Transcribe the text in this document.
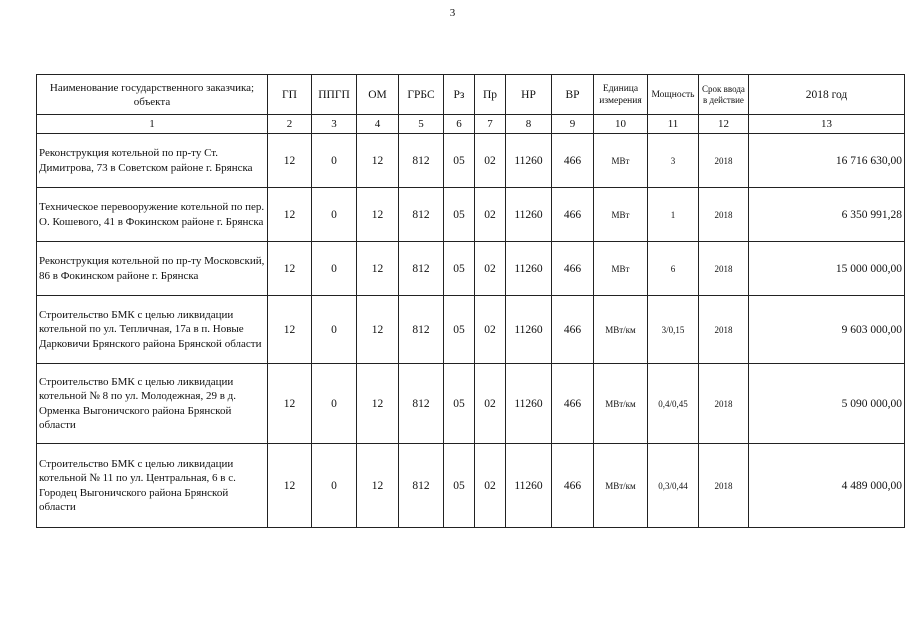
3
Наименование государственного заказчика; объекта	ГП	ППГП	ОМ	ГРБС	Рз	Пр	НР	ВР	Единица измерения	Мощность	Срок ввода в действие	2018 год
1	2	3	4	5	6	7	8	9	10	11	12	13
Реконструкция котельной по пр-ту Ст. Димитрова, 73 в Советском районе г. Брянска	12	0	12	812	05	02	11260	466	МВт	3	2018	16 716 630,00
Техническое перевооружение котельной по пер. О. Кошевого, 41 в Фокинском районе г. Брянска	12	0	12	812	05	02	11260	466	МВт	1	2018	6 350 991,28
Реконструкция котельной по пр-ту Московский, 86 в Фокинском районе г. Брянска	12	0	12	812	05	02	11260	466	МВт	6	2018	15 000 000,00
Строительство БМК с целью ликвидации котельной по ул. Тепличная, 17а в п. Новые Дарковичи Брянского района Брянской области	12	0	12	812	05	02	11260	466	МВт/км	3/0,15	2018	9 603 000,00
Строительство БМК с целью ликвидации котельной № 8 по ул. Молодежная, 29 в д. Орменка Выгоничского района Брянской области	12	0	12	812	05	02	11260	466	МВт/км	0,4/0,45	2018	5 090 000,00
Строительство БМК с целью ликвидации котельной № 11 по ул. Центральная, 6 в с. Городец Выгоничского района Брянской области	12	0	12	812	05	02	11260	466	МВт/км	0,3/0,44	2018	4 489 000,00
